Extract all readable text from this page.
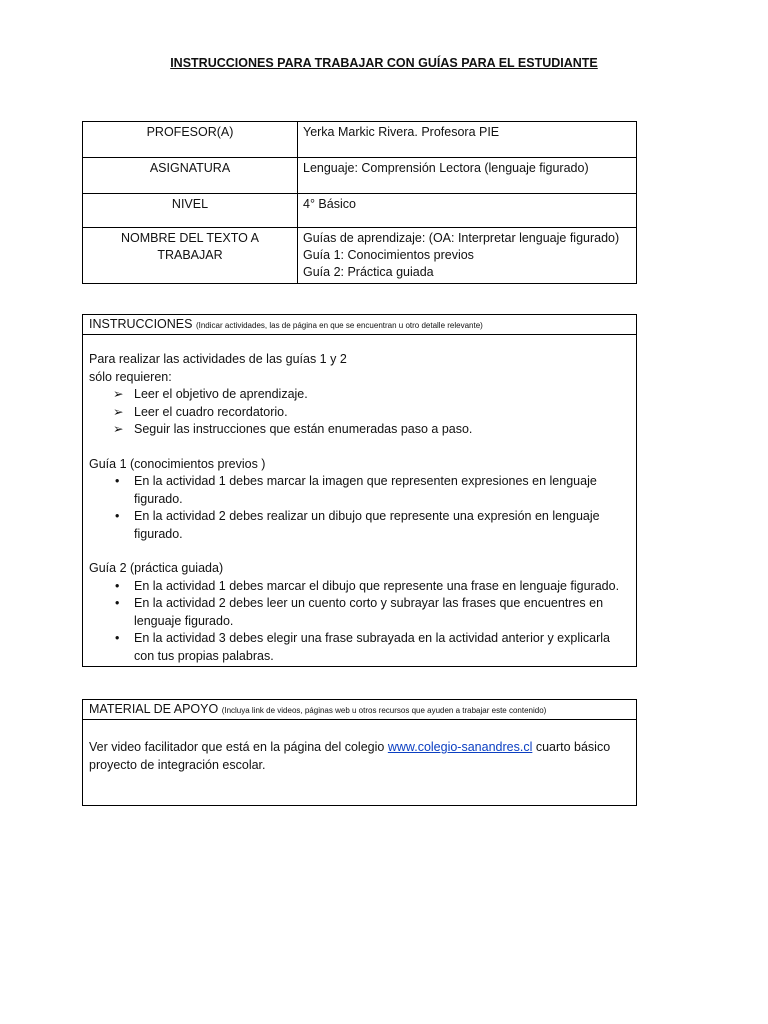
INSTRUCCIONES PARA TRABAJAR CON GUÍAS PARA EL ESTUDIANTE
PROFESOR(A)	Yerka Markic Rivera. Profesora PIE

ASIGNATURA	Lenguaje: Comprensión Lectora (lenguaje figurado)

NIVEL	4° Básico

NOMBRE DEL TEXTO A TRABAJAR	Guías de aprendizaje: (OA: Interpretar lenguaje figurado)
Guía 1: Conocimientos previos
Guía 2: Práctica guiada
INSTRUCCIONES (Indicar actividades, las de página en que se encuentran u otro detalle relevante)
Para realizar las actividades de las guías 1 y 2
sólo requieren:
➢ Leer el objetivo de aprendizaje.
➢ Leer el cuadro recordatorio.
➢ Seguir las instrucciones que están enumeradas paso a paso.
Guía 1 (conocimientos previos )
• En la actividad 1 debes marcar la imagen que representen expresiones en lenguaje figurado.
• En la actividad 2 debes realizar un dibujo que represente una expresión en lenguaje figurado.
Guía 2 (práctica guiada)
• En la actividad 1 debes marcar el dibujo que represente una frase en lenguaje figurado.
• En la actividad 2 debes leer un cuento corto y subrayar las frases que encuentres en lenguaje figurado.
• En la actividad 3 debes elegir una frase subrayada en la actividad anterior y explicarla con tus propias palabras.
MATERIAL DE APOYO (Incluya link de videos, páginas web u otros recursos que ayuden a trabajar este contenido)
Ver video facilitador que está en la página del colegio www.colegio-sanandres.cl cuarto básico proyecto de integración escolar.
